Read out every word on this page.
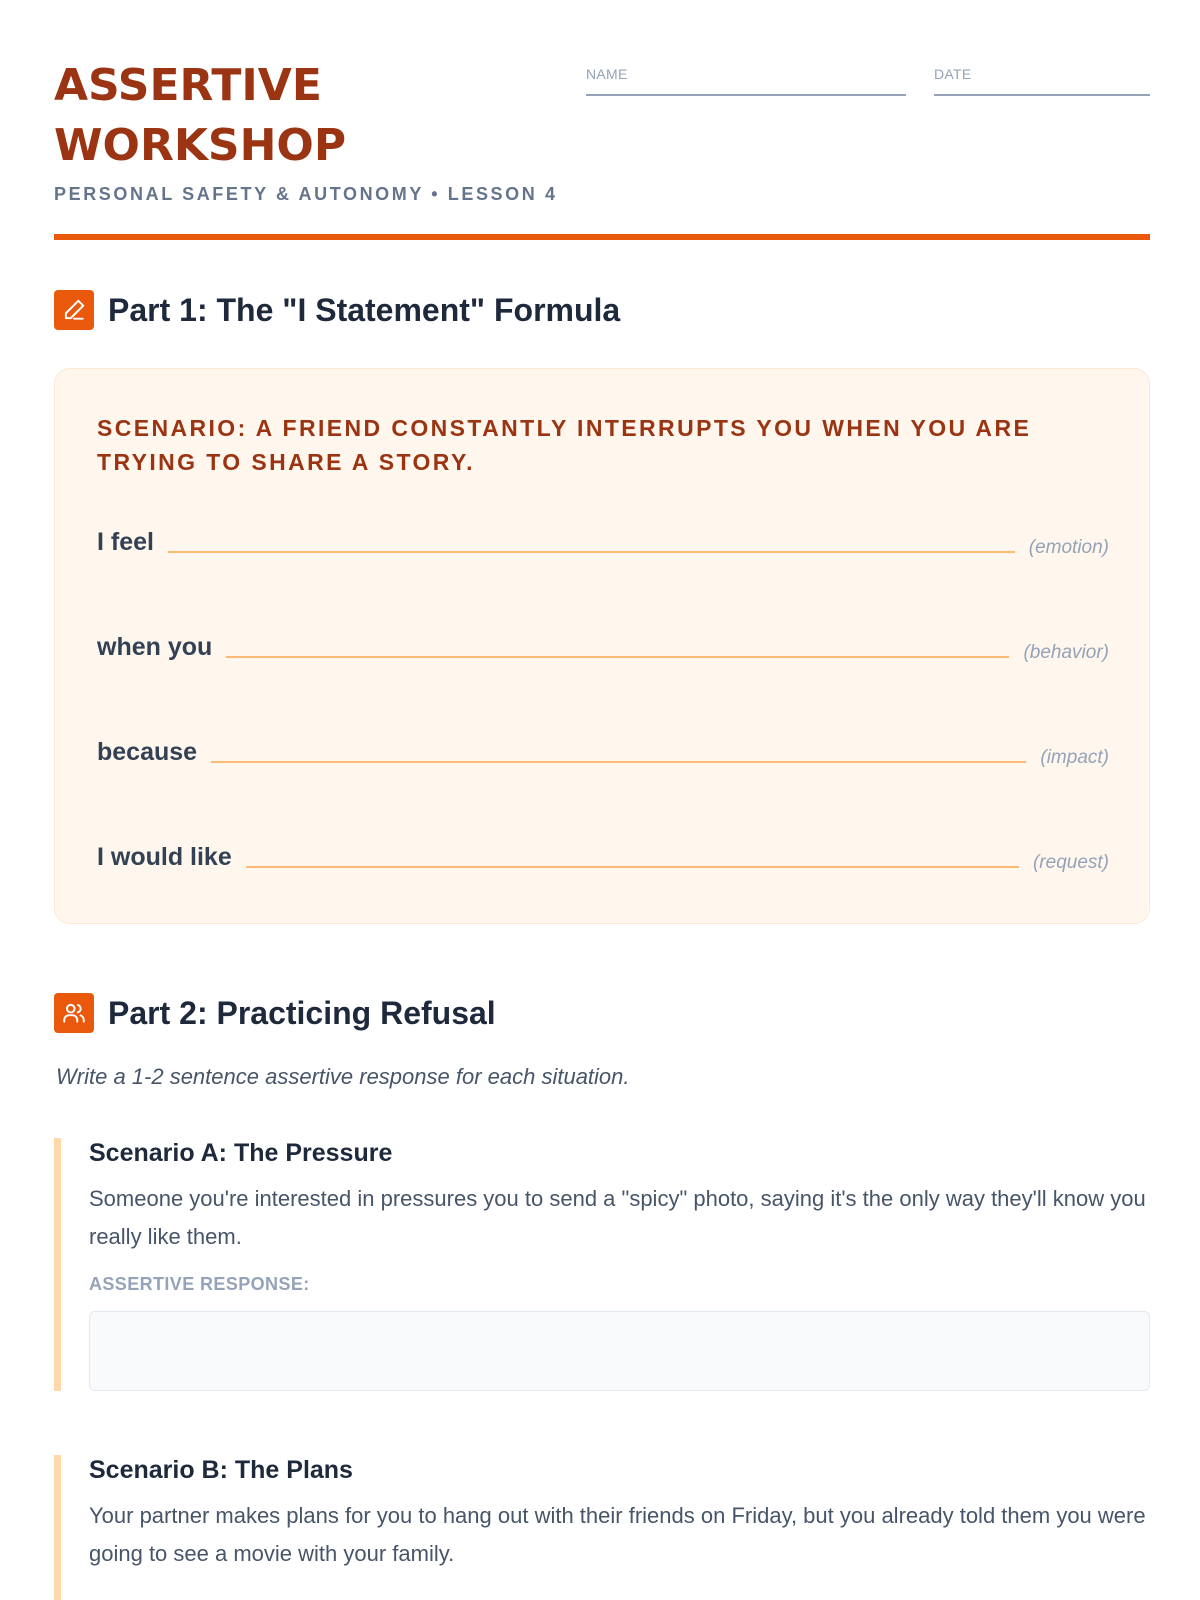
ASSERTIVE
WORKSHOP
PERSONAL SAFETY & AUTONOMY • LESSON 4
NAME	DATE
Part 1: The "I Statement" Formula
SCENARIO: A FRIEND CONSTANTLY INTERRUPTS YOU WHEN YOU ARE TRYING TO SHARE A STORY.
I feel	(emotion)
when you	(behavior)
because	(impact)
I would like	(request)
Part 2: Practicing Refusal
Write a 1-2 sentence assertive response for each situation.
Scenario A: The Pressure
Someone you're interested in pressures you to send a "spicy" photo, saying it's the only way they'll know you really like them.
ASSERTIVE RESPONSE:
Scenario B: The Plans
Your partner makes plans for you to hang out with their friends on Friday, but you already told them you were going to see a movie with your family.
